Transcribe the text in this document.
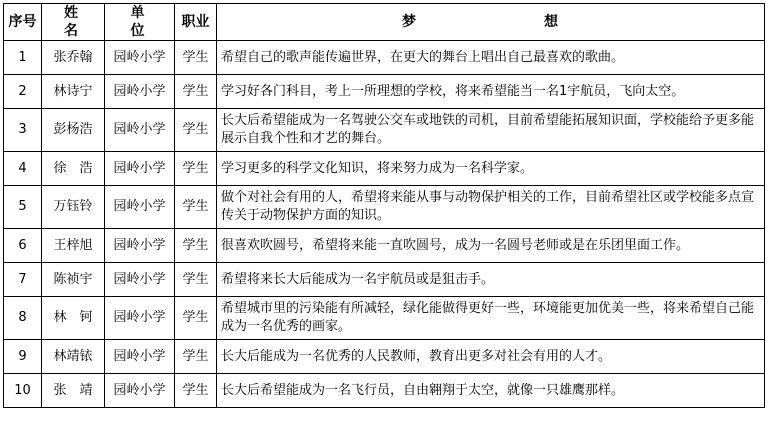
序号	姓 名	单 位	职业	梦 想
1	张乔翰	园岭小学	学生	希望自己的歌声能传遍世界，在更大的舞台上唱出自己最喜欢的歌曲。
2	林诗宁	园岭小学	学生	学习好各门科目，考上一所理想的学校，将来希望能当一名1宇航员，飞向太空。
3	彭杨浩	园岭小学	学生	长大后希望能成为一名驾驶公交车或地铁的司机，目前希望能拓展知识面，学校能给予更多能展示自我个性和才艺的舞台。
4	徐　浩	园岭小学	学生	学习更多的科学文化知识，将来努力成为一名科学家。
5	万钰铃	园岭小学	学生	做个对社会有用的人，希望将来能从事与动物保护相关的工作，目前希望社区或学校能多点宣传关于动物保护方面的知识。
6	王梓旭	园岭小学	学生	很喜欢吹圆号，希望将来能一直吹圆号，成为一名圆号老师或是在乐团里面工作。
7	陈祯宇	园岭小学	学生	希望将来长大后能成为一名宇航员或是狙击手。
8	林　钶	园岭小学	学生	希望城市里的污染能有所减轻，绿化能做得更好一些，环境能更加优美一些，将来希望自己能成为一名优秀的画家。
9	林靖铱	园岭小学	学生	长大后能成为一名优秀的人民教师，教育出更多对社会有用的人才。
10	张　靖	园岭小学	学生	长大后希望能成为一名飞行员，自由翱翔于太空，就像一只雄鹰那样。
